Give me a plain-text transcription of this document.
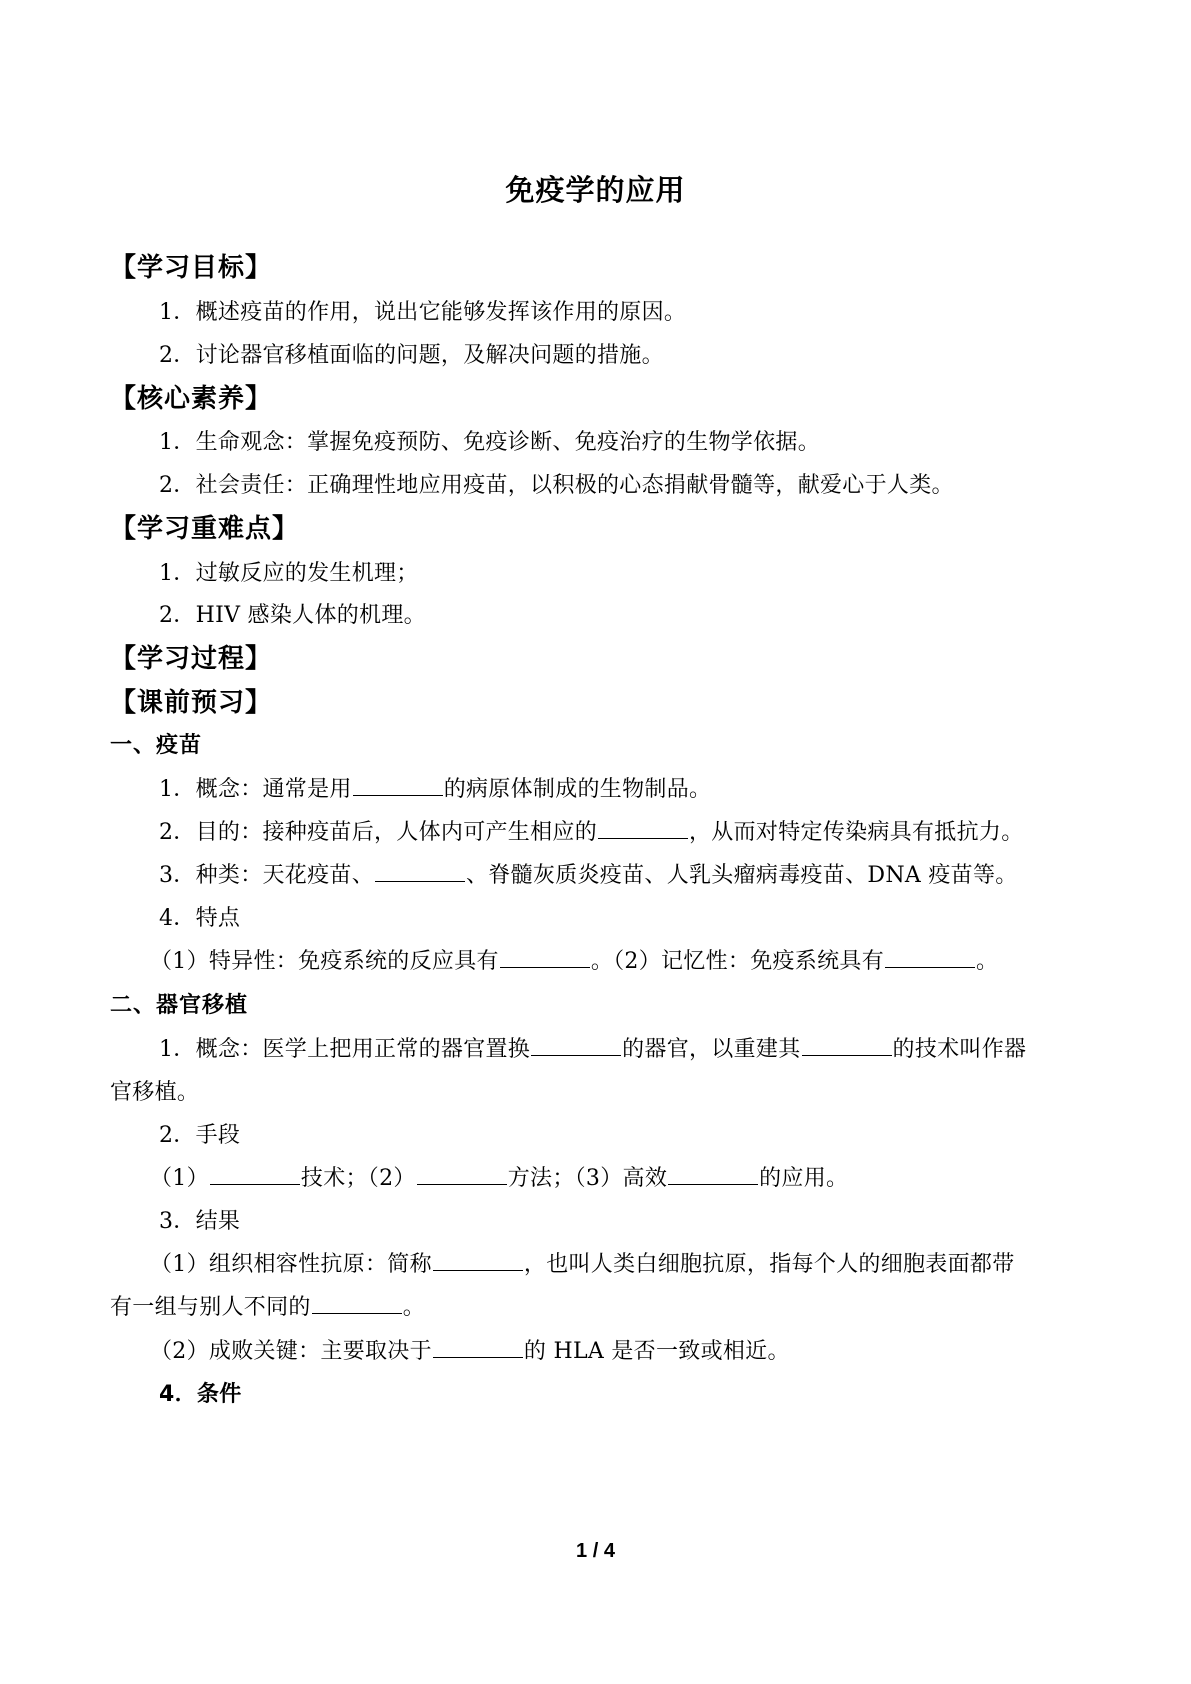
免疫学的应用
【学习目标】
1．概述疫苗的作用，说出它能够发挥该作用的原因。
2．讨论器官移植面临的问题，及解决问题的措施。
【核心素养】
1．生命观念：掌握免疫预防、免疫诊断、免疫治疗的生物学依据。
2．社会责任：正确理性地应用疫苗，以积极的心态捐献骨髓等，献爱心于人类。
【学习重难点】
1．过敏反应的发生机理；
2．HIV 感染人体的机理。
【学习过程】
【课前预习】
一、疫苗
1．概念：通常是用	的病原体制成的生物制品。
2．目的：接种疫苗后，人体内可产生相应的	，从而对特定传染病具有抵抗力。
3．种类：天花疫苗、	、脊髓灰质炎疫苗、人乳头瘤病毒疫苗、DNA 疫苗等。
4．特点
（1）特异性：免疫系统的反应具有	。（2）记忆性：免疫系统具有	。
二、器官移植
1．概念：医学上把用正常的器官置换	的器官，以重建其	的技术叫作器
官移植。
2．手段
（1）	技术；（2）	方法；（3）高效	的应用。
3．结果
（1）组织相容性抗原：简称	，也叫人类白细胞抗原，指每个人的细胞表面都带
有一组与别人不同的	。
（2）成败关键：主要取决于	的 HLA 是否一致或相近。
4．条件
1 / 4
